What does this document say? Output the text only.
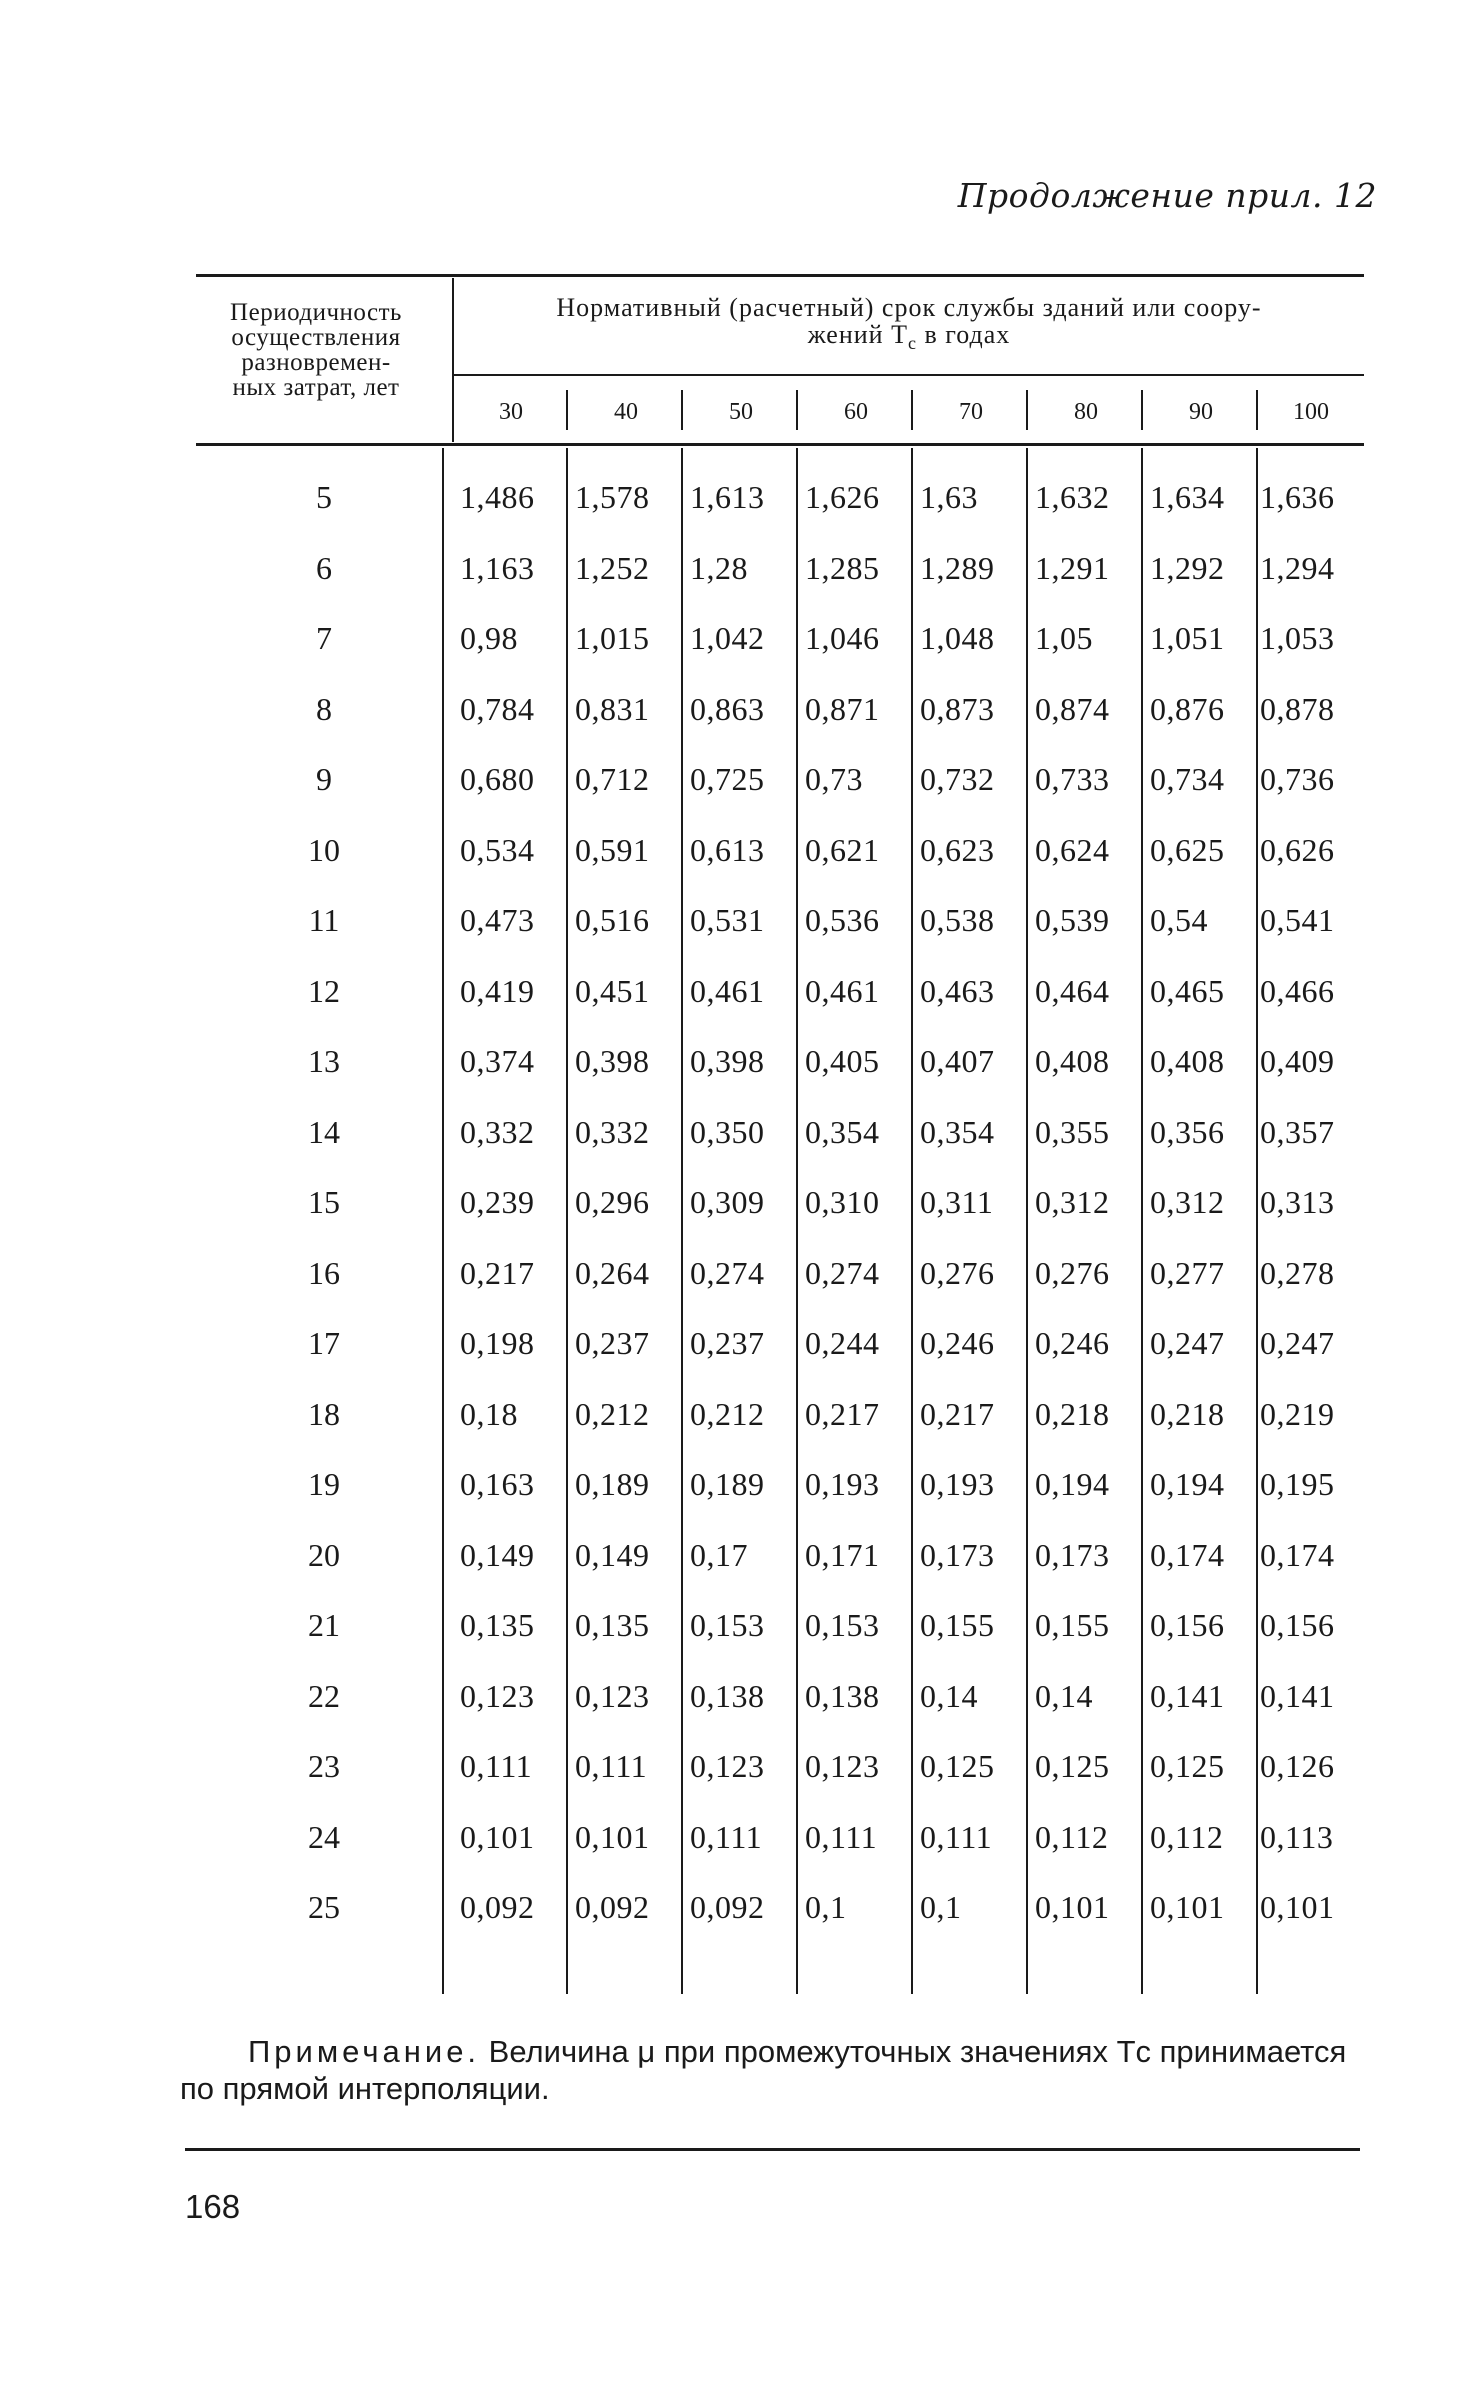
Продолжение прил. 12
Периодичность
осуществления
разновремен-
ных затрат, лет
Нормативный (расчетный) срок службы зданий или соору-
жений $T_c$ в годах
30	40	50	60	70	80	90	100
5	1,486 1,578 1,613 1,626 1,63 1,632 1,634 1,636
6	1,163 1,252 1,28 1,285 1,289 1,291 1,292 1,294
7	0,98 1,015 1,042 1,046 1,048 1,05 1,051 1,053
8	0,784 0,831 0,863 0,871 0,873 0,874 0,876 0,878
9	0,680 0,712 0,725 0,73 0,732 0,733 0,734 0,736
10	0,534 0,591 0,613 0,621 0,623 0,624 0,625 0,626
11	0,473 0,516 0,531 0,536 0,538 0,539 0,54 0,541
12	0,419 0,451 0,461 0,461 0,463 0,464 0,465 0,466
13	0,374 0,398 0,398 0,405 0,407 0,408 0,408 0,409
14	0,332 0,332 0,350 0,354 0,354 0,355 0,356 0,357
15	0,239 0,296 0,309 0,310 0,311 0,312 0,312 0,313
16	0,217 0,264 0,274 0,274 0,276 0,276 0,277 0,278
17	0,198 0,237 0,237 0,244 0,246 0,246 0,247 0,247
18	0,18 0,212 0,212 0,217 0,217 0,218 0,218 0,219
19	0,163 0,189 0,189 0,193 0,193 0,194 0,194 0,195
20	0,149 0,149 0,17 0,171 0,173 0,173 0,174 0,174
21	0,135 0,135 0,153 0,153 0,155 0,155 0,156 0,156
22	0,123 0,123 0,138 0,138 0,14 0,14 0,141 0,141
23	0,111 0,111 0,123 0,123 0,125 0,125 0,125 0,126
24	0,101 0,101 0,111 0,111 0,111 0,112 0,112 0,113
25	0,092 0,092 0,092 0,1 0,1 0,101 0,101 0,101
Примечание. Величина μ при промежуточных значениях Tс принимается по прямой интерполяции.
168
